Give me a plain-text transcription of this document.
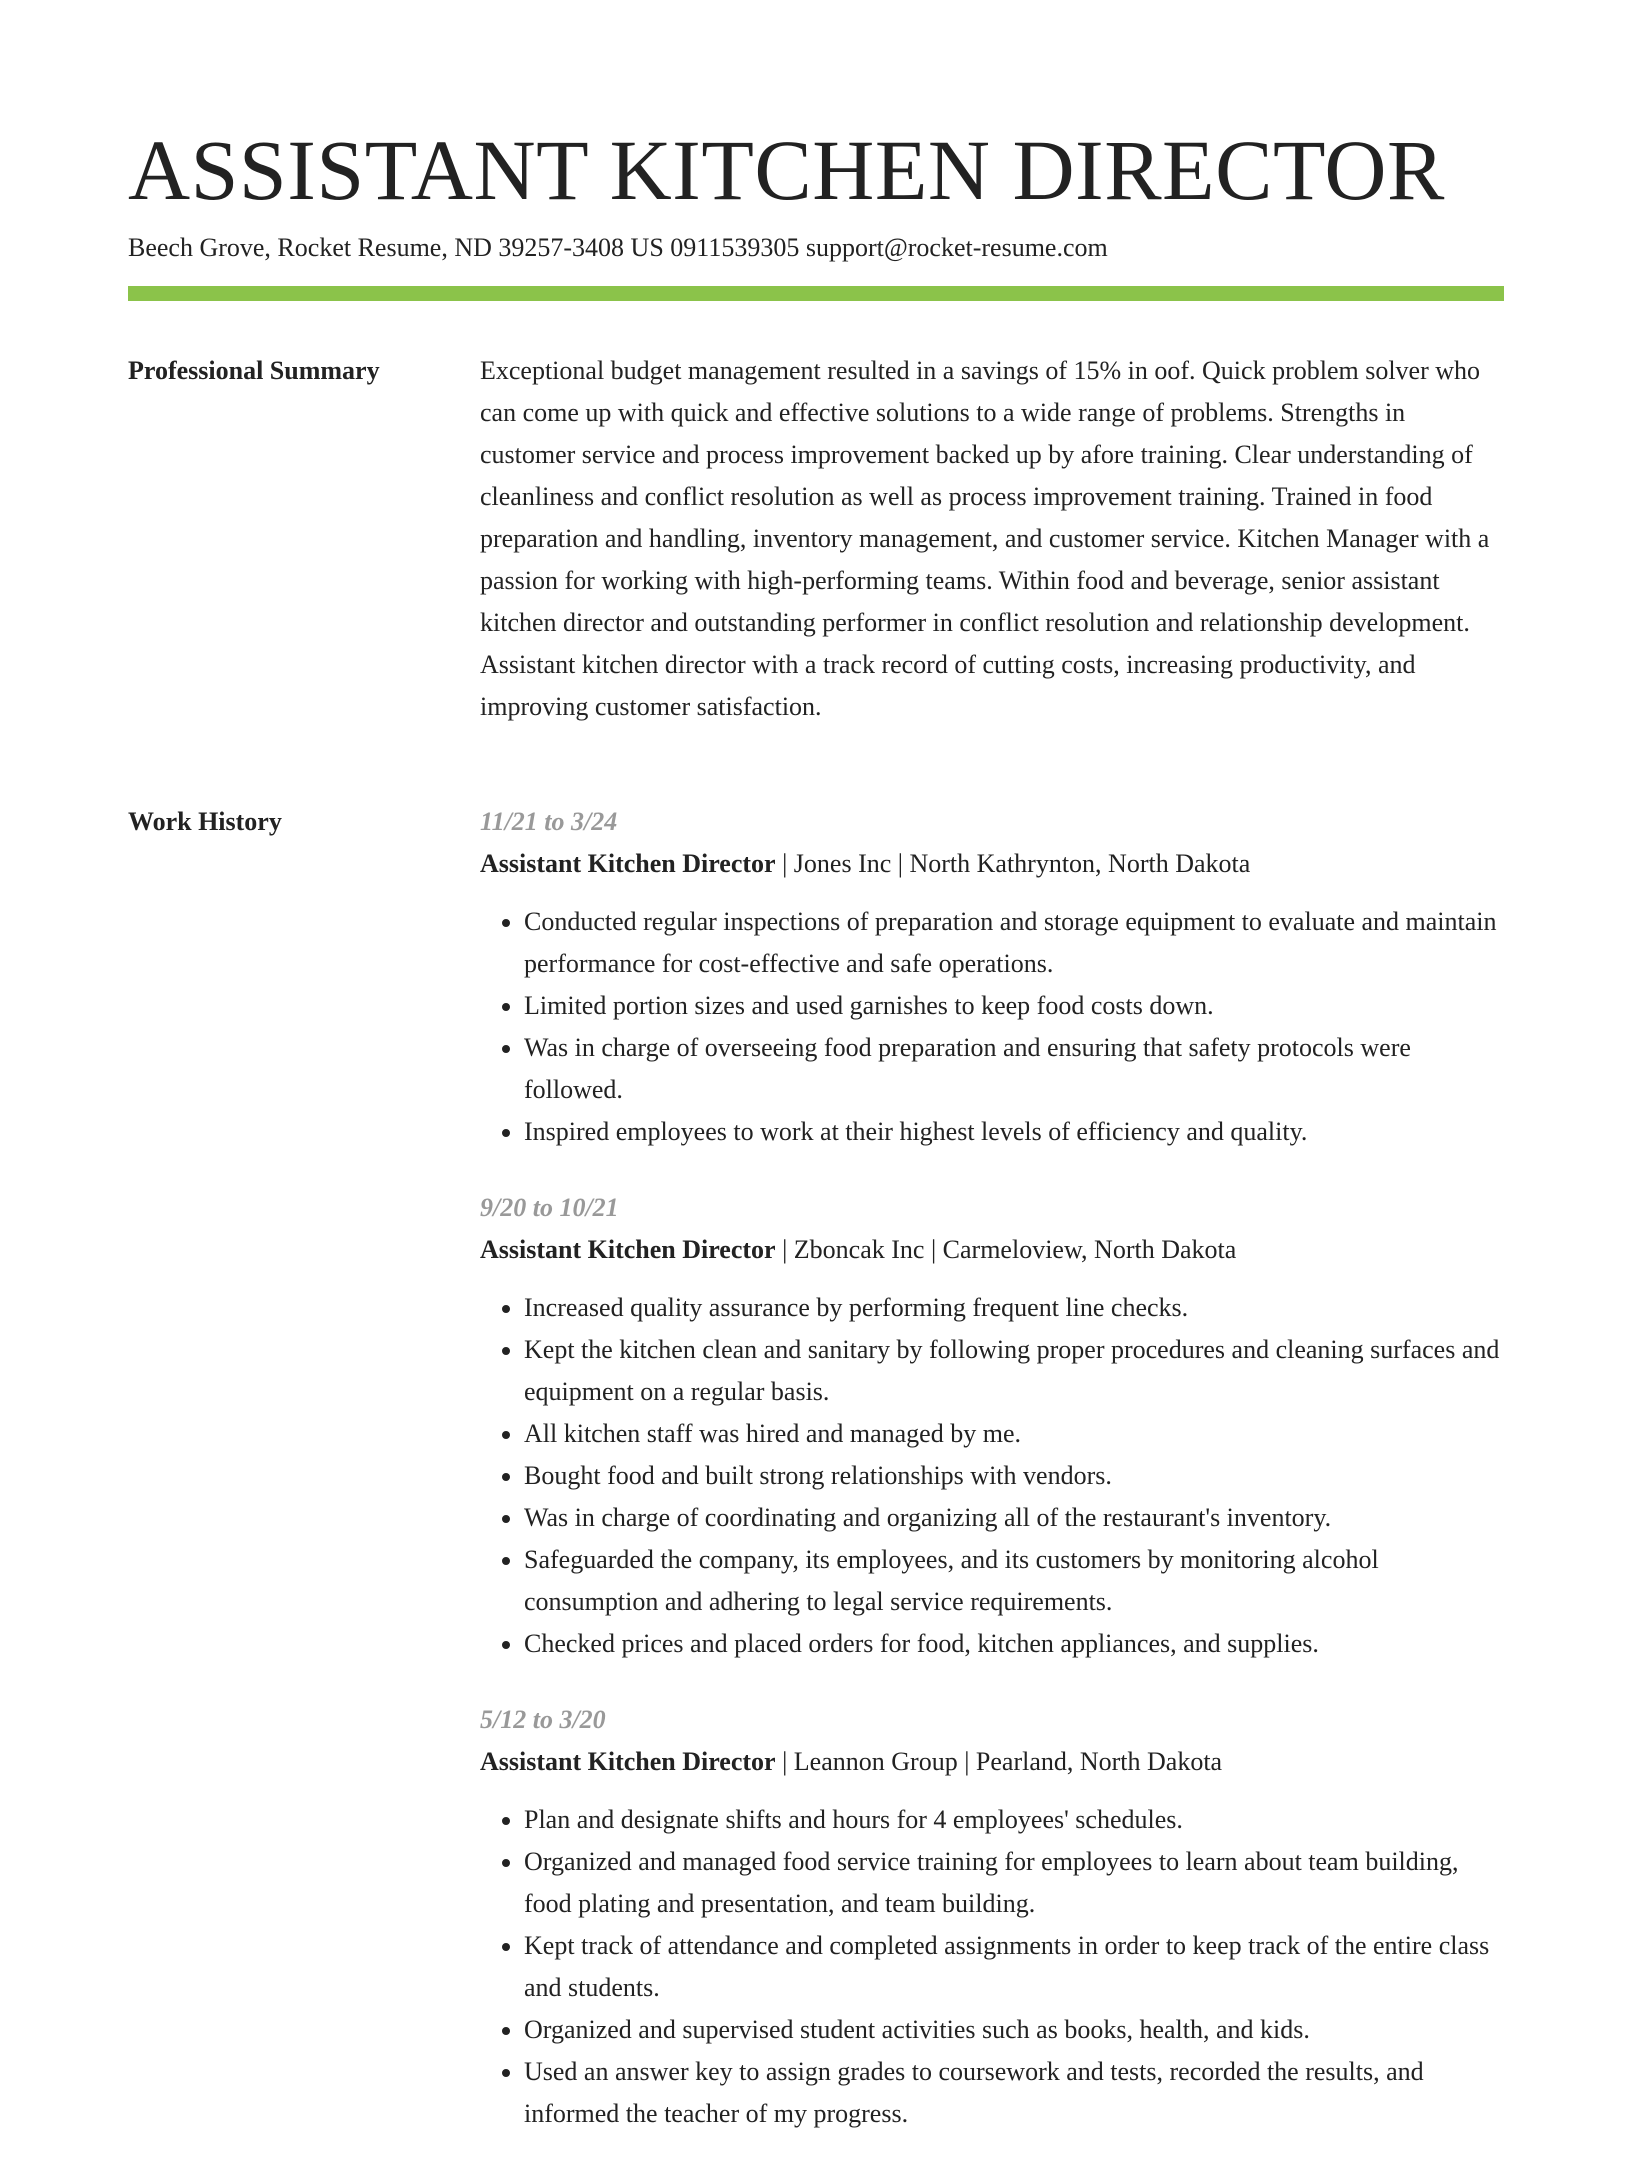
ASSISTANT KITCHEN DIRECTOR
Beech Grove, Rocket Resume, ND 39257-3408 US 0911539305 support@rocket-resume.com
Professional Summary	Exceptional budget management resulted in a savings of 15% in oof. Quick problem solver who can come up with quick and effective solutions to a wide range of problems. Strengths in customer service and process improvement backed up by afore training. Clear understanding of cleanliness and conflict resolution as well as process improvement training. Trained in food preparation and handling, inventory management, and customer service. Kitchen Manager with a passion for working with high-performing teams. Within food and beverage, senior assistant kitchen director and outstanding performer in conflict resolution and relationship development. Assistant kitchen director with a track record of cutting costs, increasing productivity, and improving customer satisfaction.

Work History	11/21 to 3/24
Assistant Kitchen Director | Jones Inc | North Kathrynton, North Dakota
• Conducted regular inspections of preparation and storage equipment to evaluate and maintain performance for cost-effective and safe operations.
• Limited portion sizes and used garnishes to keep food costs down.
• Was in charge of overseeing food preparation and ensuring that safety protocols were followed.
• Inspired employees to work at their highest levels of efficiency and quality.
9/20 to 10/21
Assistant Kitchen Director | Zboncak Inc | Carmeloview, North Dakota
• Increased quality assurance by performing frequent line checks.
• Kept the kitchen clean and sanitary by following proper procedures and cleaning surfaces and equipment on a regular basis.
• All kitchen staff was hired and managed by me.
• Bought food and built strong relationships with vendors.
• Was in charge of coordinating and organizing all of the restaurant's inventory.
• Safeguarded the company, its employees, and its customers by monitoring alcohol consumption and adhering to legal service requirements.
• Checked prices and placed orders for food, kitchen appliances, and supplies.
5/12 to 3/20
Assistant Kitchen Director | Leannon Group | Pearland, North Dakota
• Plan and designate shifts and hours for 4 employees' schedules.
• Organized and managed food service training for employees to learn about team building, food plating and presentation, and team building.
• Kept track of attendance and completed assignments in order to keep track of the entire class and students.
• Organized and supervised student activities such as books, health, and kids.
• Used an answer key to assign grades to coursework and tests, recorded the results, and informed the teacher of my progress.
